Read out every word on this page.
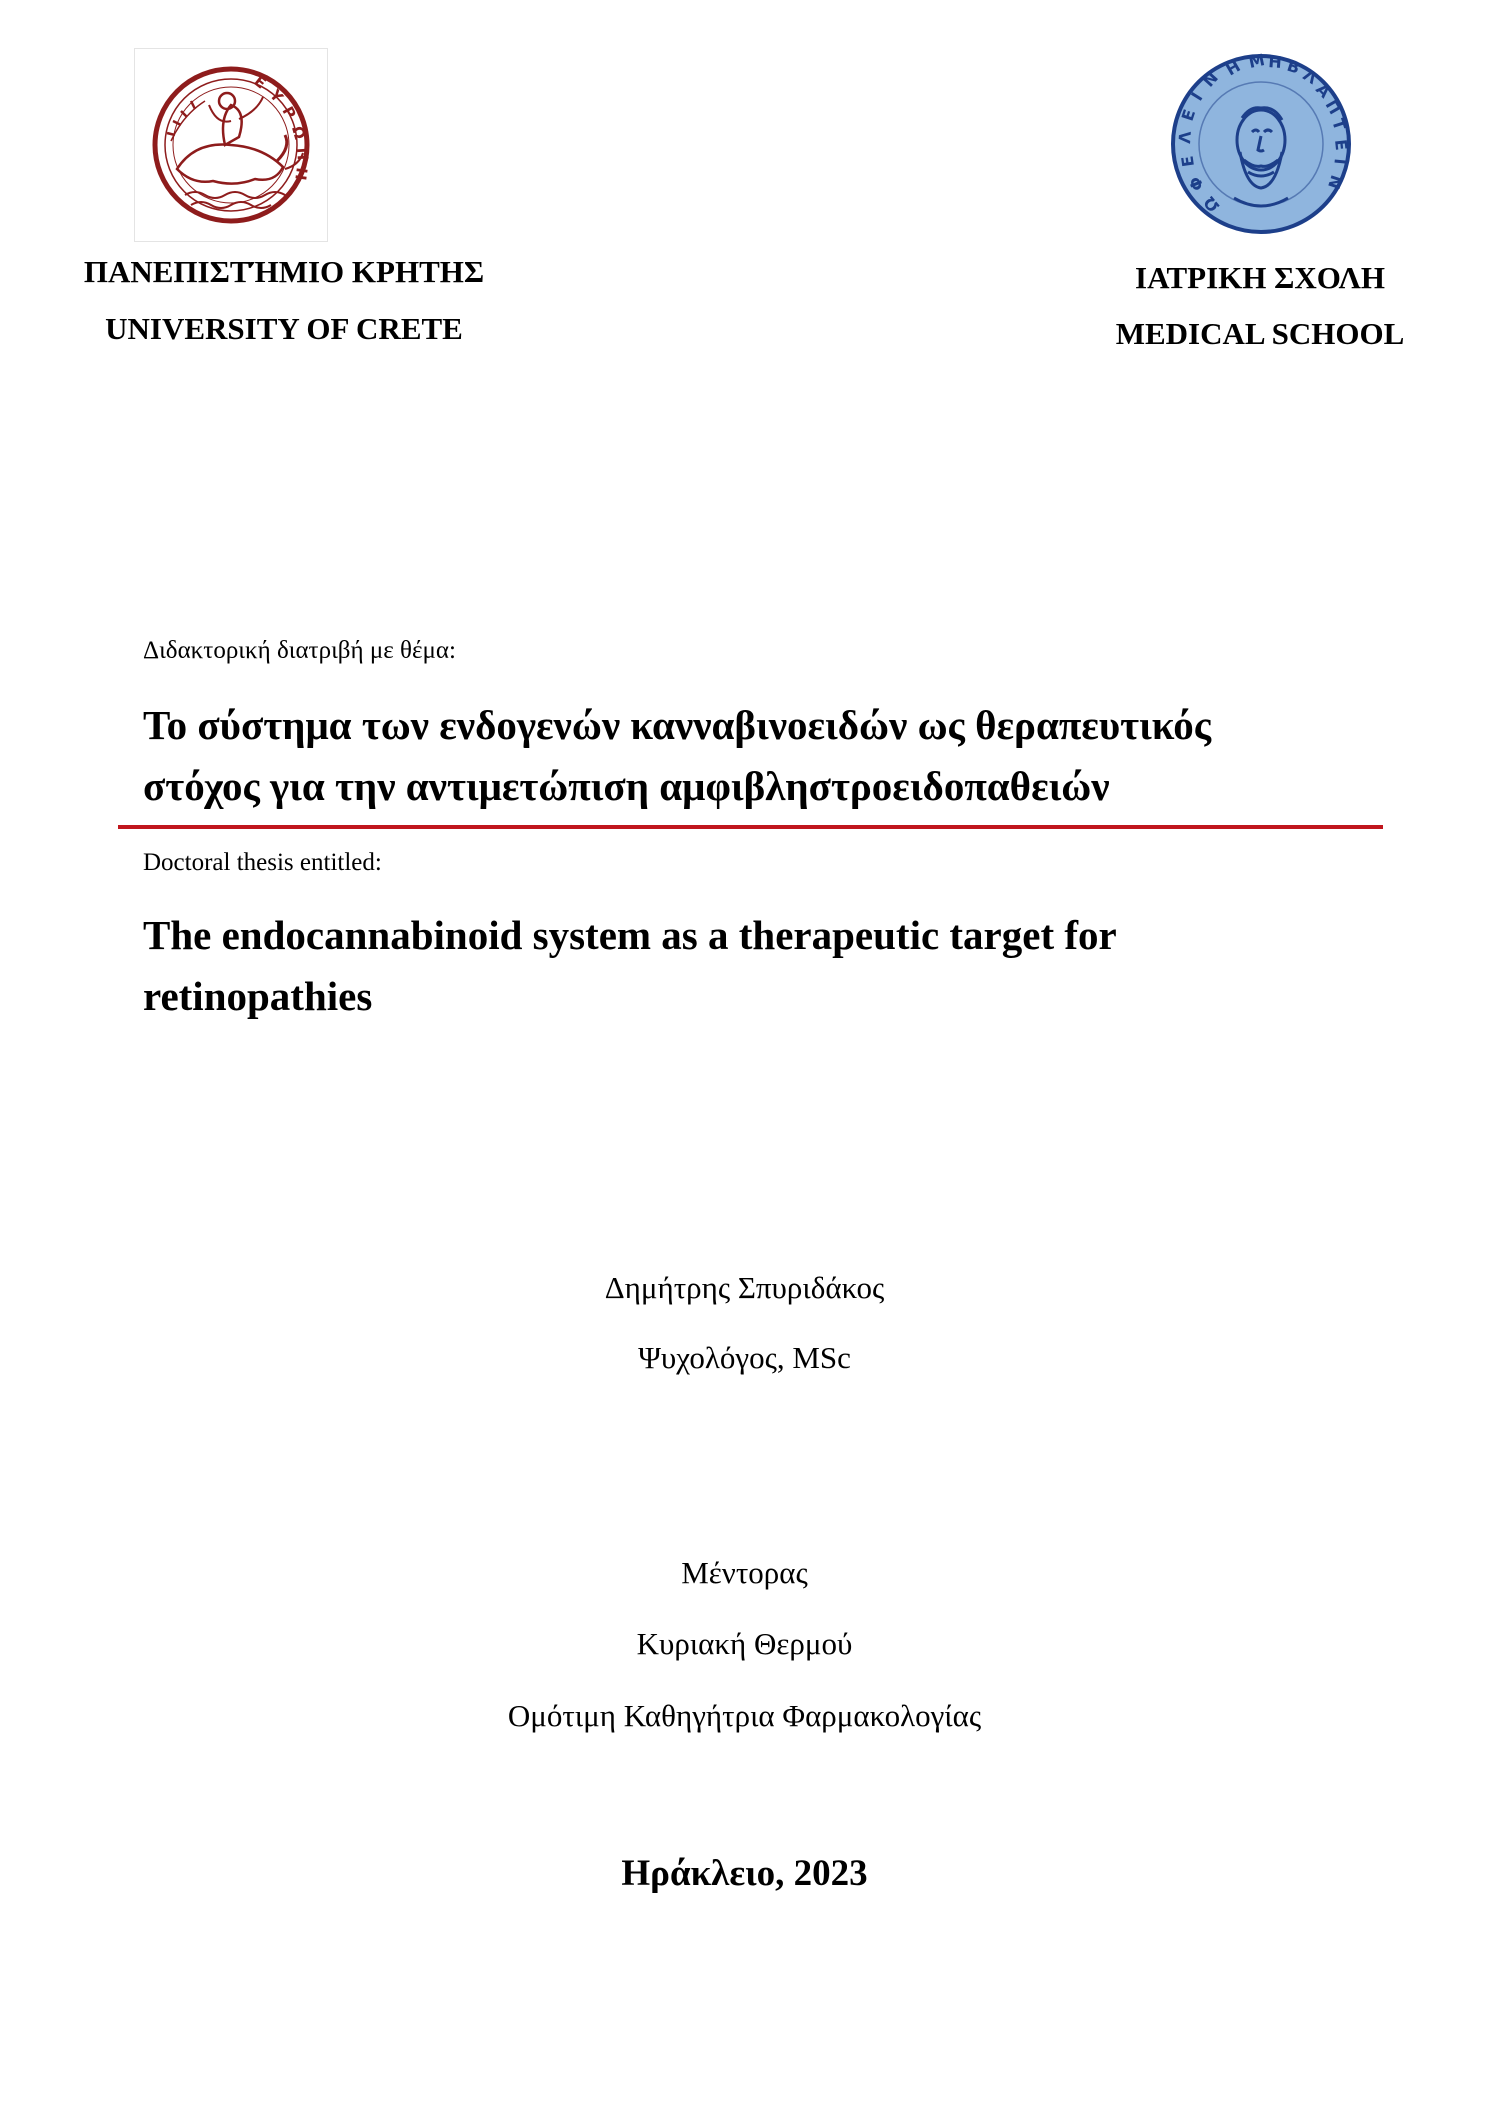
Ε
Υ
Ρ
Ω
Π
Η
Ω
Φ
Ε
Λ
Ε
Ι
Ν Η Μ Η Β
Λ
Α
Π
Τ
Ε
Ι
Ν
ΠΑΝΕΠΙΣΤΉΜΙΟ ΚΡΗΤΗΣ
UNIVERSITY OF CRETE
ΙΑΤΡΙΚΗ ΣΧΟΛΗ
MEDICAL SCHOOL
Διδακτορική διατριβή με θέμα:
Το σύστημα των ενδογενών κανναβινοειδών ως θεραπευτικός
στόχος για την αντιμετώπιση αμφιβληστροειδοπαθειών
Doctoral thesis entitled:
The endocannabinoid system as a therapeutic target for
retinopathies
Δημήτρης Σπυριδάκος
Ψυχολόγος, MSc
Μέντορας
Κυριακή Θερμού
Ομότιμη Καθηγήτρια Φαρμακολογίας
Ηράκλειο, 2023
